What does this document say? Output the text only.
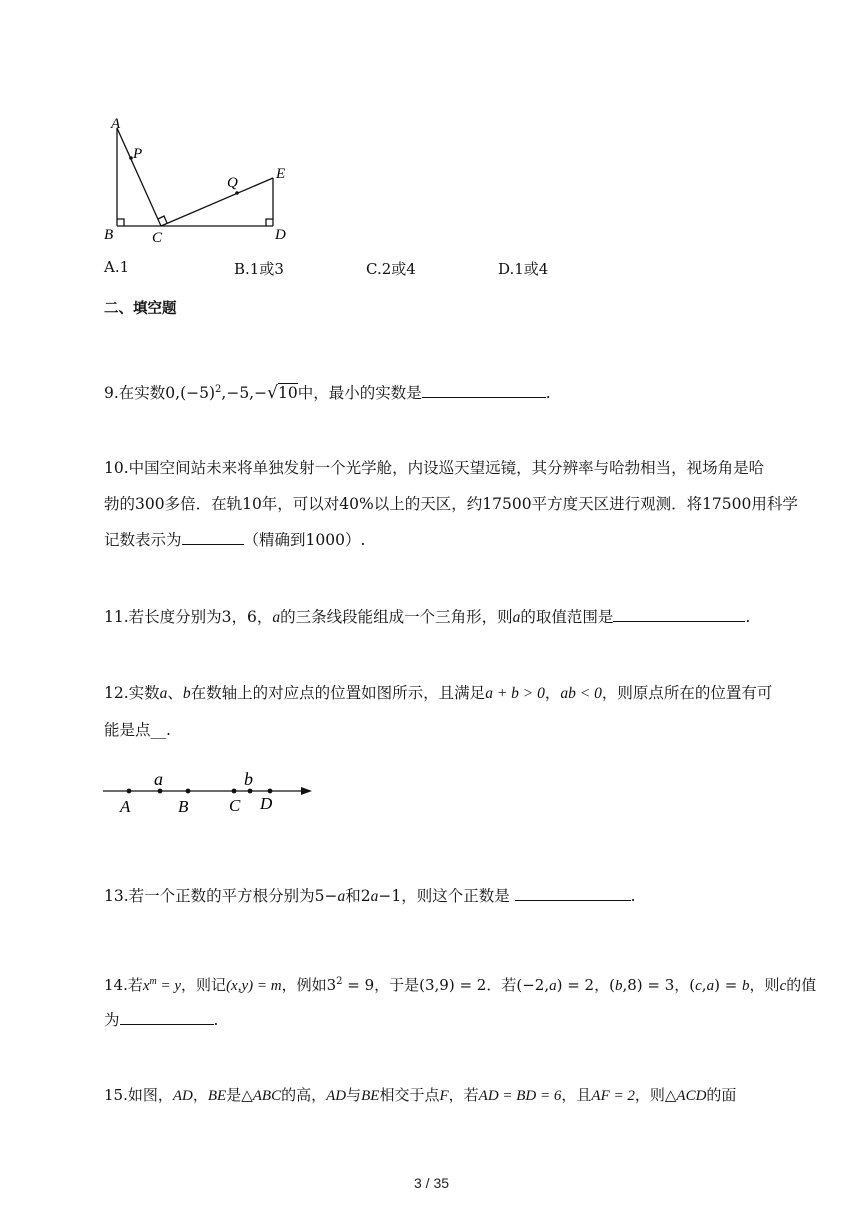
A
P
Q
E
B	C	D
A.1	B.1或3	C.2或4	D.1或4
二、填空题
9.在实数$0,(-5)^2,-5,-√10$中，最小的实数是	.
10.中国空间站未来将单独发射一个光学舱，内设巡天望远镜，其分辨率与哈勃相当，视场角是哈
勃的300多倍．在轨10年，可以对40%以上的天区，约17500平方度天区进行观测．将17500用科学
记数表示为	（精确到1000）.
11.若长度分别为3，6，a的三条线段能组成一个三角形，则a的取值范围是	.
12.实数a、b在数轴上的对应点的位置如图所示，且满足a + b > 0，ab < 0，则原点所在的位置有可
能是点__.
a	b
A	B C D
13.若一个正数的平方根分别为5−a和2a−1，则这个正数是	.
14.若$x^m = y$，则记(x,y) = m，例如$3^2 = 9$，于是(3,9) = 2．若(−2,a) = 2，(b,8) = 3，(c,a) = b，则c的值
为	.
15.如图，AD，BE是△ABC的高，AD与BE相交于点F，若AD = BD = 6，且AF = 2，则△ACD的面
3 / 35
